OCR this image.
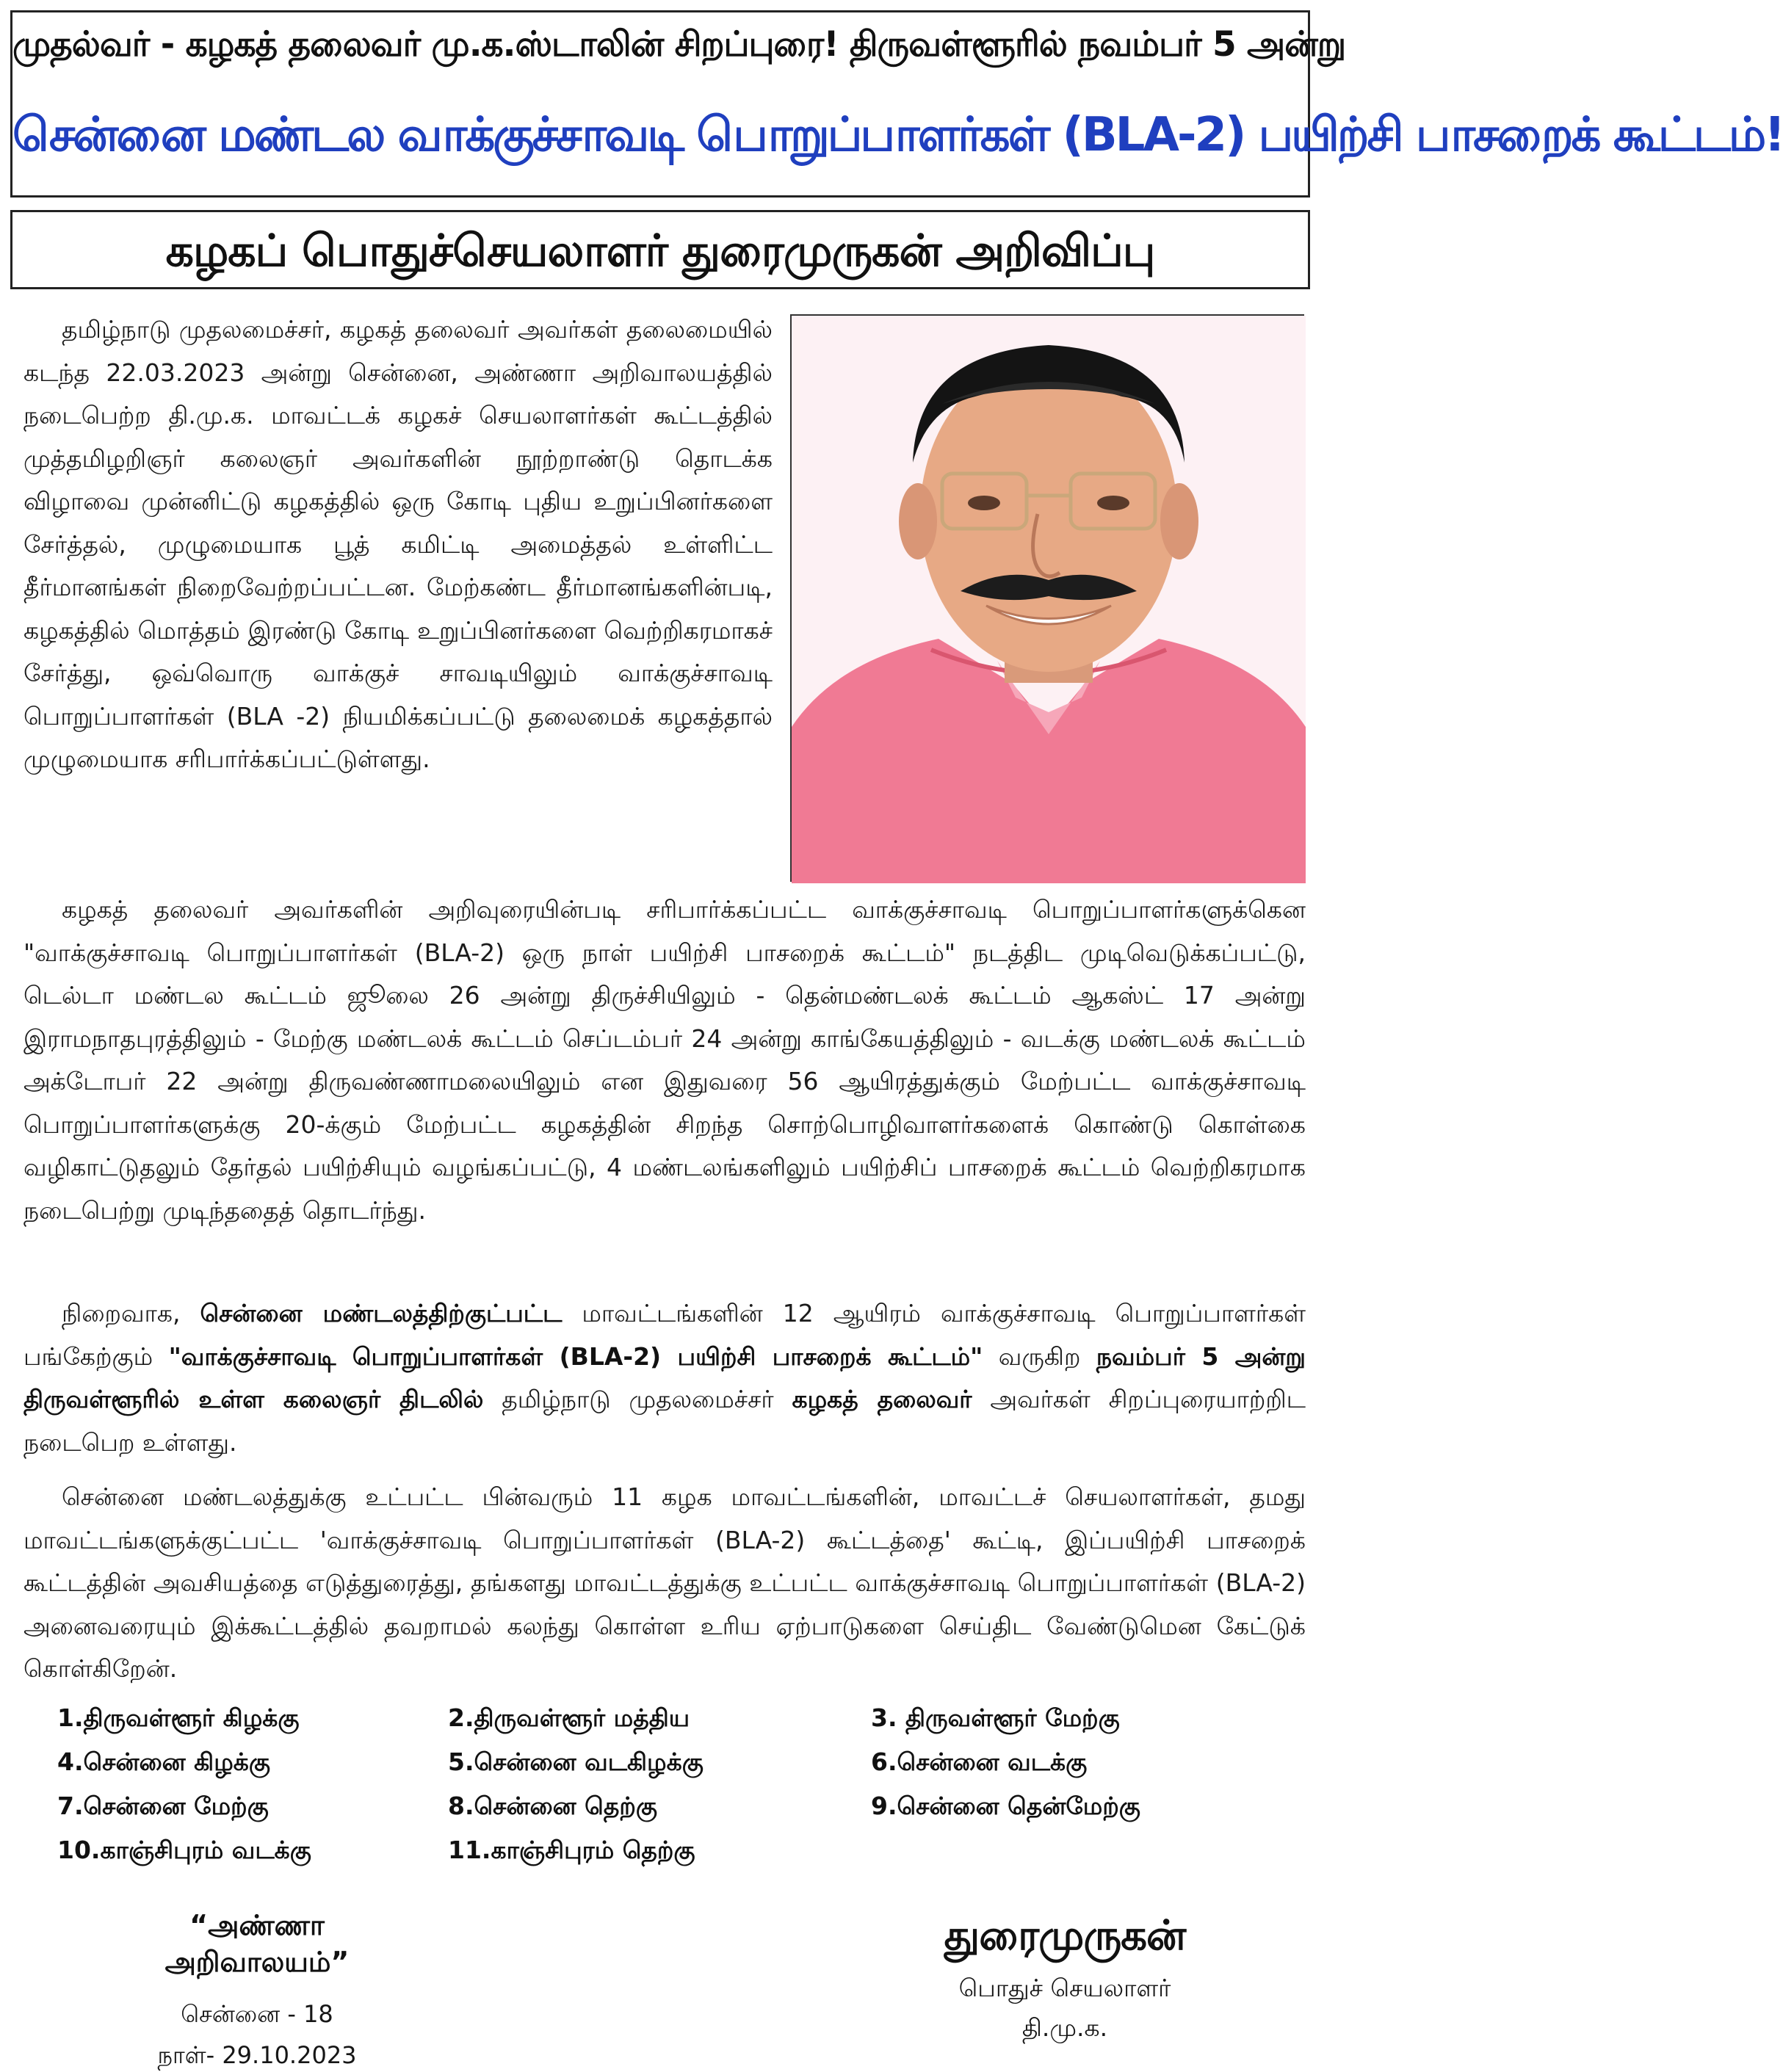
முதல்வர் - கழகத் தலைவர் மு.க.ஸ்டாலின் சிறப்புரை! திருவள்ளூரில் நவம்பர் 5 அன்று
சென்னை மண்டல வாக்குச்சாவடி பொறுப்பாளர்கள் (BLA-2) பயிற்சி பாசறைக் கூட்டம்!
கழகப் பொதுச்செயலாளர் துரைமுருகன் அறிவிப்பு
தமிழ்நாடு முதலமைச்சர், கழகத் தலைவர் அவர்கள் தலைமையில் கடந்த 22.03.2023 அன்று சென்னை, அண்ணா அறிவாலயத்தில் நடைபெற்ற தி.மு.க. மாவட்டக் கழகச் செயலாளர்கள் கூட்டத்தில் முத்தமிழறிஞர் கலைஞர் அவர்களின் நூற்றாண்டு தொடக்க விழாவை முன்னிட்டு கழகத்தில் ஒரு கோடி புதிய உறுப்பினர்களை சேர்த்தல், முழுமையாக பூத் கமிட்டி அமைத்தல் உள்ளிட்ட தீர்மானங்கள் நிறைவேற்றப்பட்டன. மேற்கண்ட தீர்மானங்களின்படி, கழகத்தில் மொத்தம் இரண்டு கோடி உறுப்பினர்களை வெற்றிகரமாகச் சேர்த்து, ஒவ்வொரு வாக்குச் சாவடியிலும் வாக்குச்சாவடி பொறுப்பாளர்கள் (BLA -2) நியமிக்கப்பட்டு தலைமைக் கழகத்தால் முழுமையாக சரிபார்க்கப்பட்டுள்ளது.
கழகத் தலைவர் அவர்களின் அறிவுரையின்படி சரிபார்க்கப்பட்ட வாக்குச்சாவடி பொறுப்பாளர்களுக்கென "வாக்குச்சாவடி பொறுப்பாளர்கள் (BLA-2) ஒரு நாள் பயிற்சி பாசறைக் கூட்டம்" நடத்திட முடிவெடுக்கப்பட்டு, டெல்டா மண்டல கூட்டம் ஜூலை 26 அன்று திருச்சியிலும் - தென்மண்டலக் கூட்டம் ஆகஸ்ட் 17 அன்று இராமநாதபுரத்திலும் - மேற்கு மண்டலக் கூட்டம் செப்டம்பர் 24 அன்று காங்கேயத்திலும் - வடக்கு மண்டலக் கூட்டம் அக்டோபர் 22 அன்று திருவண்ணாமலையிலும் என இதுவரை 56 ஆயிரத்துக்கும் மேற்பட்ட வாக்குச்சாவடி பொறுப்பாளர்களுக்கு 20-க்கும் மேற்பட்ட கழகத்தின் சிறந்த சொற்பொழிவாளர்களைக் கொண்டு கொள்கை வழிகாட்டுதலும் தேர்தல் பயிற்சியும் வழங்கப்பட்டு, 4 மண்டலங்களிலும் பயிற்சிப் பாசறைக் கூட்டம் வெற்றிகரமாக நடைபெற்று முடிந்ததைத் தொடர்ந்து.
நிறைவாக, சென்னை மண்டலத்திற்குட்பட்ட மாவட்டங்களின் 12 ஆயிரம் வாக்குச்சாவடி பொறுப்பாளர்கள் பங்கேற்கும் "வாக்குச்சாவடி பொறுப்பாளர்கள் (BLA-2) பயிற்சி பாசறைக் கூட்டம்" வருகிற நவம்பர் 5 அன்று திருவள்ளூரில் உள்ள கலைஞர் திடலில் தமிழ்நாடு முதலமைச்சர் கழகத் தலைவர் அவர்கள் சிறப்புரையாற்றிட நடைபெற உள்ளது.
சென்னை மண்டலத்துக்கு உட்பட்ட பின்வரும் 11 கழக மாவட்டங்களின், மாவட்டச் செயலாளர்கள், தமது மாவட்டங்களுக்குட்பட்ட 'வாக்குச்சாவடி பொறுப்பாளர்கள் (BLA-2) கூட்டத்தை' கூட்டி, இப்பயிற்சி பாசறைக் கூட்டத்தின் அவசியத்தை எடுத்துரைத்து, தங்களது மாவட்டத்துக்கு உட்பட்ட வாக்குச்சாவடி பொறுப்பாளர்கள் (BLA-2) அனைவரையும் இக்கூட்டத்தில் தவறாமல் கலந்து கொள்ள உரிய ஏற்பாடுகளை செய்திட வேண்டுமென கேட்டுக் கொள்கிறேன்.
1.திருவள்ளூர் கிழக்கு	2.திருவள்ளூர் மத்திய	3. திருவள்ளூர் மேற்கு
4.சென்னை கிழக்கு	5.சென்னை வடகிழக்கு	6.சென்னை வடக்கு
7.சென்னை மேற்கு	8.சென்னை தெற்கு	9.சென்னை தென்மேற்கு
10.காஞ்சிபுரம் வடக்கு	11.காஞ்சிபுரம் தெற்கு
“அண்ணா அறிவாலயம்”
சென்னை - 18
நாள்- 29.10.2023
துரைமுருகன்
பொதுச் செயலாளர்
தி.மு.க.
